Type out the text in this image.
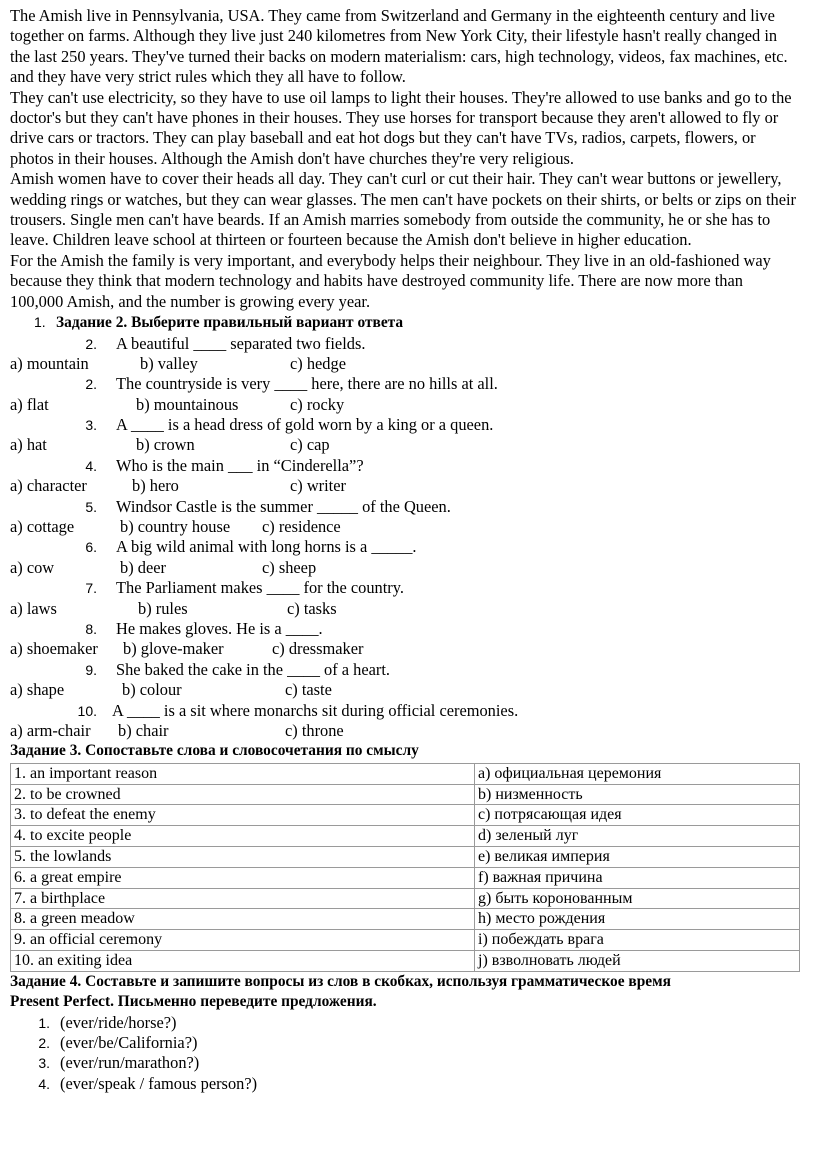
The Amish live in Pennsylvania, USA. They came from Switzerland and Germany in the eighteenth century and live together on farms. Although they live just 240 kilometres from New York City, their lifestyle hasn't really changed in the last 250 years. They've turned their backs on modern materialism: cars, high technology, videos, fax machines, etc. and they have very strict rules which they all have to follow.

They can't use electricity, so they have to use oil lamps to light their houses. They're allowed to use banks and go to the doctor's but they can't have phones in their houses. They use horses for transport because they aren't allowed to fly or drive cars or tractors. They can play baseball and eat hot dogs but they can't have TVs, radios, carpets, flowers, or photos in their houses. Although the Amish don't have churches they're very religious.

Amish women have to cover their heads all day. They can't curl or cut their hair. They can't wear buttons or jewellery, wedding rings or watches, but they can wear glasses. The men can't have pockets on their shirts, or belts or zips on their trousers. Single men can't have beards. If an Amish marries somebody from outside the community, he or she has to leave. Children leave school at thirteen or fourteen because the Amish don't believe in higher education.

For the Amish the family is very important, and everybody helps their neighbour. They live in an old-fashioned way because they think that modern technology and habits have destroyed community life. There are now more than 100,000 Amish, and the number is growing every year.

1. Задание 2. Выберите правильный вариант ответа
2. A beautiful ____ separated two fields.
a) mountain	b) valley	c) hedge
2. The countryside is very ____ here, there are no hills at all.
a) flat	b) mountainous	c) rocky
3. A ____ is a head dress of gold worn by a king or a queen.
a) hat	b) crown	c) cap
4. Who is the main ___ in “Cinderella”?
a) character	b) hero	c) writer
5. Windsor Castle is the summer _____ of the Queen.
a) cottage	b) country house c) residence
6. A big wild animal with long horns is a _____.
a) cow	b) deer	c) sheep
7. The Parliament makes ____ for the country.
a) laws	b) rules	c) tasks
8. He makes gloves. He is a ____.
a) shoemaker b) glove-maker	c) dressmaker
9. She baked the cake in the ____ of a heart.
a) shape	b) colour	c) taste
10. A ____ is a sit where monarchs sit during official ceremonies.
a) arm-chair b) chair	c) throne
Задание 3. Сопоставьте слова и словосочетания по смыслу
1. an important reason	a) официальная церемония
2. to be crowned	b) низменность
3. to defeat the enemy	c) потрясающая идея
4. to excite people	d) зеленый луг
5. the lowlands	e) великая империя
6. a great empire	f) важная причина
7. a birthplace	g) быть коронованным
8. a green meadow	h) место рождения
9. an official ceremony	i) побеждать врага
10. an exiting idea	j) взволновать людей
Задание 4. Составьте и запишите вопросы из слов в скобках, используя грамматическое время
Present Perfect. Письменно переведите предложения.
1. (ever/ride/horse?)
2. (ever/be/California?)
3. (ever/run/marathon?)
4. (ever/speak / famous person?)
